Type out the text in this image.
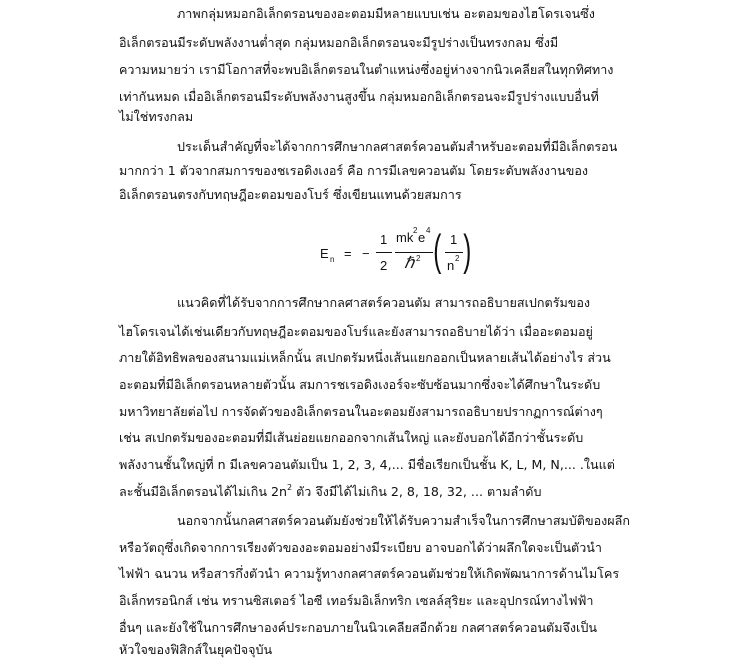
ภาพกลุ่มหมอกอิเล็กตรอนของอะตอมมีหลายแบบเช่น อะตอมของไฮโดรเจนซึ่ง
อิเล็กตรอนมีระดับพลังงานต่ำสุด กลุ่มหมอกอิเล็กตรอนจะมีรูปร่างเป็นทรงกลม ซึ่งมี
ความหมายว่า เรามีโอกาสที่จะพบอิเล็กตรอนในตำแหน่งซึ่งอยู่ห่างจากนิวเคลียสในทุกทิศทาง
เท่ากันหมด เมื่ออิเล็กตรอนมีระดับพลังงานสูงขึ้น กลุ่มหมอกอิเล็กตรอนจะมีรูปร่างแบบอื่นที่
ไม่ใช่ทรงกลม
ประเด็นสำคัญที่จะได้จากการศึกษากลศาสตร์ควอนตัมสำหรับอะตอมที่มีอิเล็กตรอน
มากกว่า 1 ตัวจากสมการของชเรอดิงเงอร์ คือ การมีเลขควอนตัม โดยระดับพลังงานของ
อิเล็กตรอนตรงกับทฤษฎีอะตอมของโบร์ ซึ่งเขียนแทนด้วยสมการ
E n = −
1
2
mk 2 e 4
ℏ 2 ( 1
n 2 )
แนวคิดที่ได้รับจากการศึกษากลศาสตร์ควอนตัม สามารถอธิบายสเปกตรัมของ
ไฮโดรเจนได้เช่นเดียวกับทฤษฎีอะตอมของโบร์และยังสามารถอธิบายได้ว่า เมื่ออะตอมอยู่
ภายใต้อิทธิพลของสนามแม่เหล็กนั้น สเปกตรัมหนึ่งเส้นแยกออกเป็นหลายเส้นได้อย่างไร ส่วน
อะตอมที่มีอิเล็กตรอนหลายตัวนั้น สมการชเรอดิงเงอร์จะซับซ้อนมากซึ่งจะได้ศึกษาในระดับ
มหาวิทยาลัยต่อไป การจัดตัวของอิเล็กตรอนในอะตอมยังสามารถอธิบายปรากฏการณ์ต่างๆ
เช่น สเปกตรัมของอะตอมที่มีเส้นย่อยแยกออกจากเส้นใหญ่ และยังบอกได้อีกว่าชั้นระดับ
พลังงานชั้นใหญ่ที่ n มีเลขควอนตัมเป็น 1, 2, 3, 4,... มีชื่อเรียกเป็นชั้น K, L, M, N,... .ในแต่
ละชั้นมีอิเล็กตรอนได้ไม่เกิน $2n^2$ ตัว จึงมีได้ไม่เกิน 2, 8, 18, 32, ... ตามลำดับ
นอกจากนั้นกลศาสตร์ควอนตัมยังช่วยให้ได้รับความสำเร็จในการศึกษาสมบัติของผลึก
หรือวัตถุซึ่งเกิดจากการเรียงตัวของอะตอมอย่างมีระเบียบ อาจบอกได้ว่าผลึกใดจะเป็นตัวนำ
ไฟฟ้า ฉนวน หรือสารกึ่งตัวนำ ความรู้ทางกลศาสตร์ควอนตัมช่วยให้เกิดพัฒนาการด้านไมโคร
อิเล็กทรอนิกส์ เช่น ทรานซิสเตอร์ ไอซี เทอร์มอิเล็กทริก เซลล์สุริยะ และอุปกรณ์ทางไฟฟ้า
อื่นๆ และยังใช้ในการศึกษาองค์ประกอบภายในนิวเคลียสอีกด้วย กลศาสตร์ควอนตัมจึงเป็น
หัวใจของฟิสิกส์ในยุคปัจจุบัน
